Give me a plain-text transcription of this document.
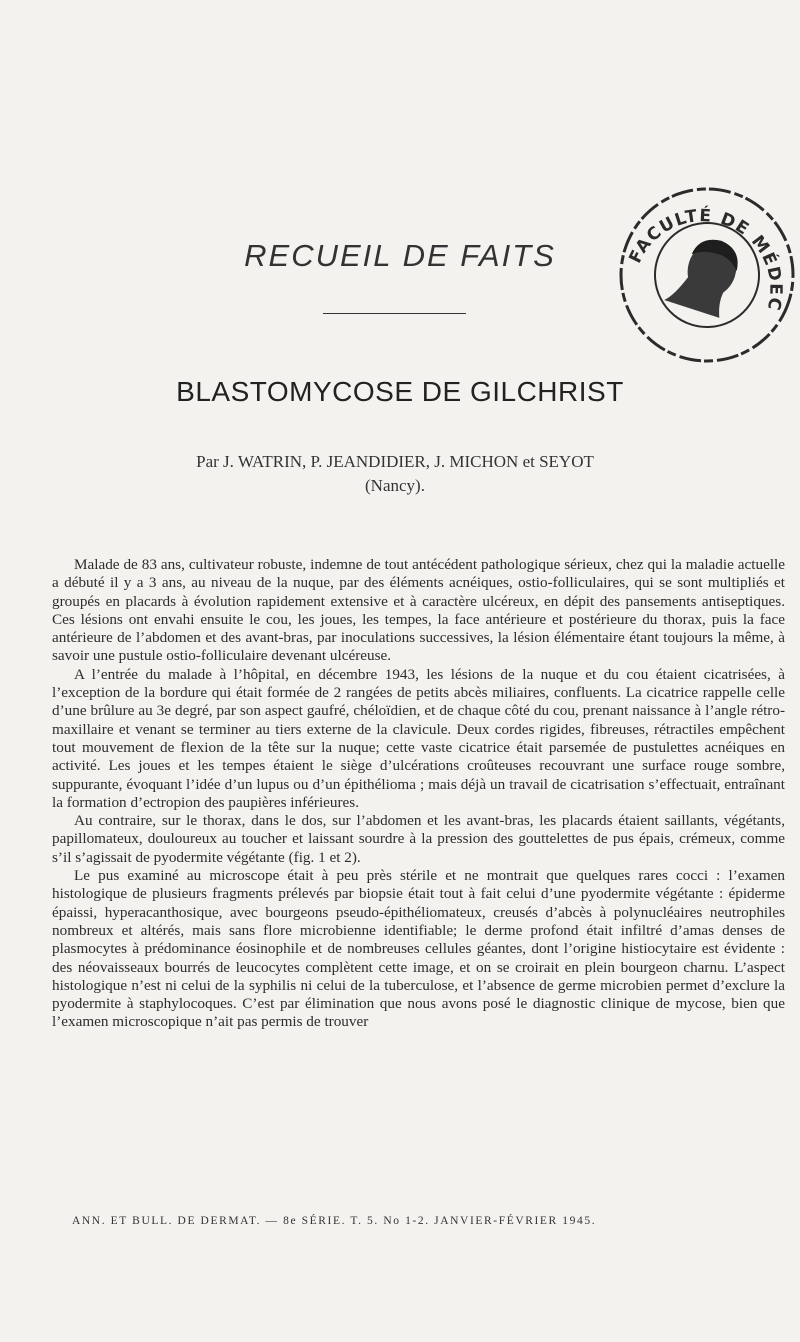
RECUEIL DE FAITS
BLASTOMYCOSE DE GILCHRIST
Par J. WATRIN, P. JEANDIDIER, J. MICHON et SEYOT
(Nancy).

Malade de 83 ans, cultivateur robuste, indemne de tout antécédent pathologique sérieux, chez qui la maladie actuelle a débuté il y a 3 ans, au niveau de la nuque, par des éléments acnéiques, ostio-folliculaires, qui se sont multipliés et groupés en placards à évolution rapidement extensive et à caractère ulcéreux, en dépit des pansements antiseptiques. Ces lésions ont envahi ensuite le cou, les joues, les tempes, la face antérieure et postérieure du thorax, puis la face antérieure de l’abdomen et des avant-bras, par inoculations successives, la lésion élémentaire étant toujours la même, à savoir une pustule ostio-folliculaire devenant ulcéreuse.

A l’entrée du malade à l’hôpital, en décembre 1943, les lésions de la nuque et du cou étaient cicatrisées, à l’exception de la bordure qui était formée de 2 rangées de petits abcès miliaires, confluents. La cicatrice rappelle celle d’une brûlure au 3e degré, par son aspect gaufré, chéloïdien, et de chaque côté du cou, prenant naissance à l’angle rétro-maxillaire et venant se terminer au tiers externe de la clavicule. Deux cordes rigides, fibreuses, rétractiles empêchent tout mouvement de flexion de la tête sur la nuque; cette vaste cicatrice était parsemée de pustulettes acnéiques en activité. Les joues et les tempes étaient le siège d’ulcérations croûteuses recouvrant une surface rouge sombre, suppurante, évoquant l’idée d’un lupus ou d’un épithélioma ; mais déjà un travail de cicatrisation s’effectuait, entraînant la formation d’ectropion des paupières inférieures.

Au contraire, sur le thorax, dans le dos, sur l’abdomen et les avant-bras, les placards étaient saillants, végétants, papillomateux, douloureux au toucher et laissant sourdre à la pression des gouttelettes de pus épais, crémeux, comme s’il s’agissait de pyodermite végétante (fig. 1 et 2).

Le pus examiné au microscope était à peu près stérile et ne montrait que quelques rares cocci : l’examen histologique de plusieurs fragments prélevés par biopsie était tout à fait celui d’une pyodermite végétante : épiderme épaissi, hyperacanthosique, avec bourgeons pseudo-épithéliomateux, creusés d’abcès à polynucléaires neutrophiles nombreux et altérés, mais sans flore microbienne identifiable; le derme profond était infiltré d’amas denses de plasmocytes à prédominance éosinophile et de nombreuses cellules géantes, dont l’origine histiocytaire est évidente : des néovaisseaux bourrés de leucocytes complètent cette image, et on se croirait en plein bourgeon charnu. L’aspect histologique n’est ni celui de la syphilis ni celui de la tuberculose, et l’absence de germe microbien permet d’exclure la pyodermite à staphylocoques. C’est par élimination que nous avons posé le diagnostic clinique de mycose, bien que l’examen microscopique n’ait pas permis de trouver

ANN. ET BULL. DE DERMAT. — 8e SÉRIE. T. 5. No 1-2. JANVIER-FÉVRIER 1945.
FACULTÉ DE MÉDECINE
